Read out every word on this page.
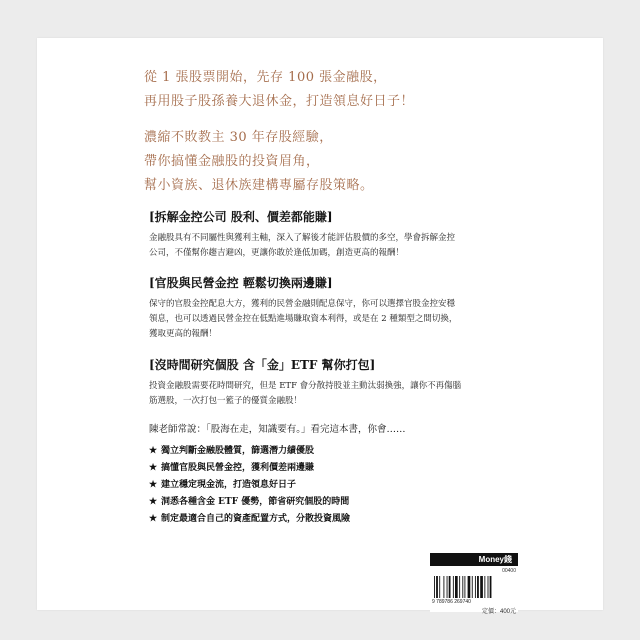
從 1 張股票開始，先存 100 張金融股，
再用股子股孫養大退休金，打造領息好日子！
濃縮不敗教主 30 年存股經驗，
帶你搞懂金融股的投資眉角，
幫小資族、退休族建構專屬存股策略。
[拆解金控公司 股利、價差都能賺]
金融股具有不同屬性與獲利主軸，深入了解後才能評估股價的多空，學會拆解金控
公司，不僅幫你趨吉避凶，更讓你敢於逢低加碼，創造更高的報酬！
[官股與民營金控 輕鬆切換兩邊賺]
保守的官股金控配息大方，獲利的民營金融則配息保守，你可以選擇官股金控安穩
領息，也可以透過民營金控在低點進場賺取資本利得，或是在 2 種類型之間切換，
獲取更高的報酬！
[沒時間研究個股 含「金」ETF 幫你打包]
投資金融股需要花時間研究，但是 ETF 會分散持股並主動汰弱換強，讓你不再傷腦
筋選股，一次打包一籃子的優質金融股！
陳老師常說：「股海在走，知識要有。」看完這本書，你會……
★ 獨立判斷金融股體質，篩選潛力績優股
★ 搞懂官股與民營金控，獲利價差兩邊賺
★ 建立穩定現金流，打造領息好日子
★ 洞悉各種含金 ETF 優勢，節省研究個股的時間
★ 制定最適合自己的資產配置方式，分散投資風險
Money錢
00400
9 789786 269740
定價：400元
